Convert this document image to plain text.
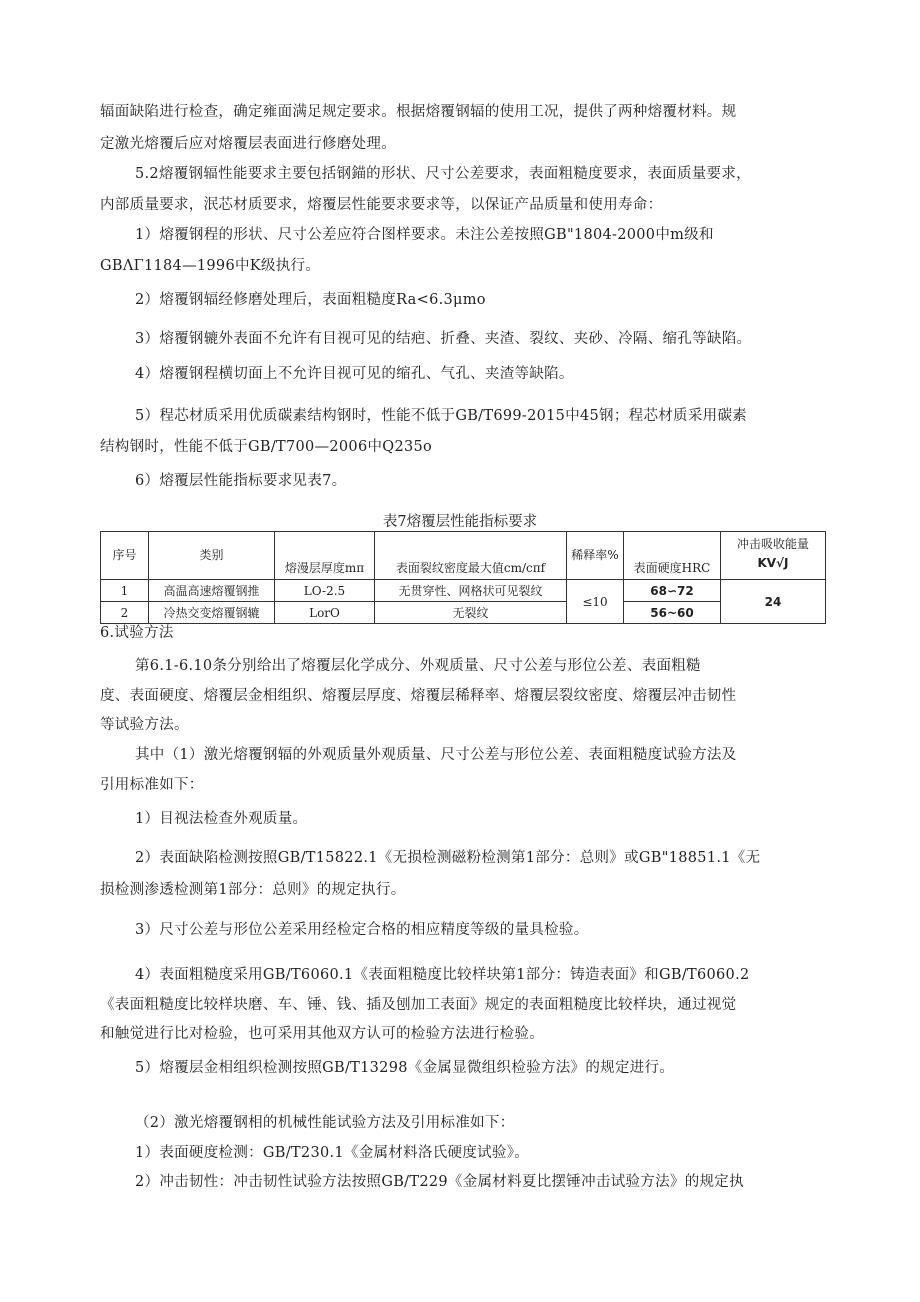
辐面缺陷进行检查，确定雍面满足规定要求。根据熔覆钢辐的使用工况，提供了两种熔覆材料。规
定激光熔覆后应对熔覆层表面进行修磨处理。
5.2熔覆钢辐性能要求主要包括钢錨的形状、尺寸公差要求，表面粗糙度要求，表面质量要求，
内部质量要求，泯芯材质要求，熔覆层性能要求要求等，以保证产品质量和使用寿命：
1）熔覆钢程的形状、尺寸公差应符合图样要求。未注公差按照GB"1804-2000中m级和
GBΛΓ1184—1996中K级执行。
2）熔覆钢辐经修磨处理后，表面粗糙度Ra<6.3μmo
3）熔覆钢辘外表面不允许有目视可见的结疤、折叠、夹渣、裂纹、夹砂、冷隔、缩孔等缺陷。
4）熔覆钢程横切面上不允许目视可见的缩孔、气孔、夹渣等缺陷。
5）程芯材质采用优质碳素结构钢时，性能不低于GB/T699-2015中45钢；程芯材质采用碳素
结构钢时，性能不低于GB/T700—2006中Q235o
6）熔覆层性能指标要求见表7。
表7熔覆层性能指标要求
序号	类别	熔漫层厚度mπ	表面裂纹密度最大值cm/cπf	稀释率%	表面硬度HRC	冲击吸收能量
KV√J

1	高温高速熔覆钢推	LO-2.5	无贯穿性、网格状可见裂纹	≤10	68∽72	24
2	冷热交变熔覆钢辘	LorO	无裂纹		56~60	
6.试验方法
第6.1-6.10条分别给出了熔覆层化学成分、外观质量、尺寸公差与形位公差、表面粗糙
度、表面硬度、熔覆层金相组织、熔覆层厚度、熔覆层稀释率、熔覆层裂纹密度、熔覆层冲击韧性
等试验方法。
其中（1）激光熔覆钢辐的外观质量外观质量、尺寸公差与形位公差、表面粗糙度试验方法及
引用标准如下：
1）目视法检查外观质量。
2）表面缺陷检测按照GB/T15822.1《无损检测磁粉检测第1部分：总则》或GB"18851.1《无
损检测渗透检测第1部分：总则》的规定执行。
3）尺寸公差与形位公差采用经检定合格的相应精度等级的量具检验。
4）表面粗糙度采用GB/T6060.1《表面粗糙度比较样块第1部分：铸造表面》和GB/T6060.2
《表面粗糙度比较样块磨、车、锤、钱、插及刨加工表面》规定的表面粗糙度比较样块，通过视觉
和触觉进行比对检验，也可采用其他双方认可的检验方法进行检验。
5）熔覆层金相组织检测按照GB/T13298《金属显微组织检验方法》的规定进行。
（2）激光熔覆钢相的机械性能试验方法及引用标准如下：
1）表面硬度检测：GB/T230.1《金属材料洛氏硬度试验》。
2）冲击韧性：冲击韧性试验方法按照GB/T229《金属材料夏比摆锤冲击试验方法》的规定执
